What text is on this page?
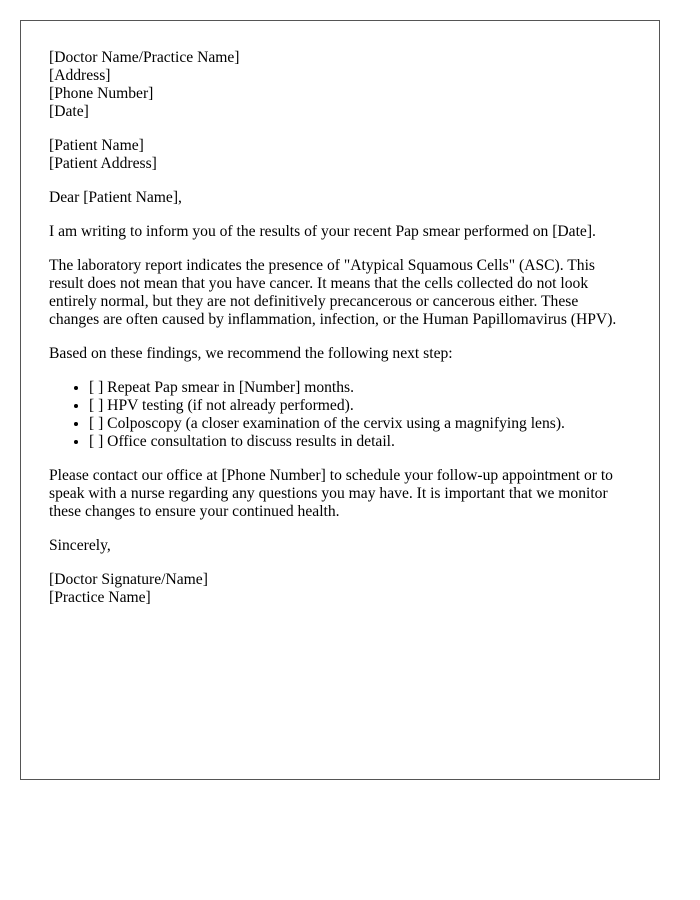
[Doctor Name/Practice Name]
[Address]
[Phone Number]
[Date]
[Patient Name]
[Patient Address]

Dear [Patient Name],

I am writing to inform you of the results of your recent Pap smear performed on [Date].

The laboratory report indicates the presence of "Atypical Squamous Cells" (ASC). This result does not mean that you have cancer. It means that the cells collected do not look entirely normal, but they are not definitively precancerous or cancerous either. These changes are often caused by inflammation, infection, or the Human Papillomavirus (HPV).

Based on these findings, we recommend the following next step:

• [ ] Repeat Pap smear in [Number] months.
• [ ] HPV testing (if not already performed).
• [ ] Colposcopy (a closer examination of the cervix using a magnifying lens).
• [ ] Office consultation to discuss results in detail.

Please contact our office at [Phone Number] to schedule your follow-up appointment or to speak with a nurse regarding any questions you may have. It is important that we monitor these changes to ensure your continued health.

Sincerely,

[Doctor Signature/Name]
[Practice Name]
